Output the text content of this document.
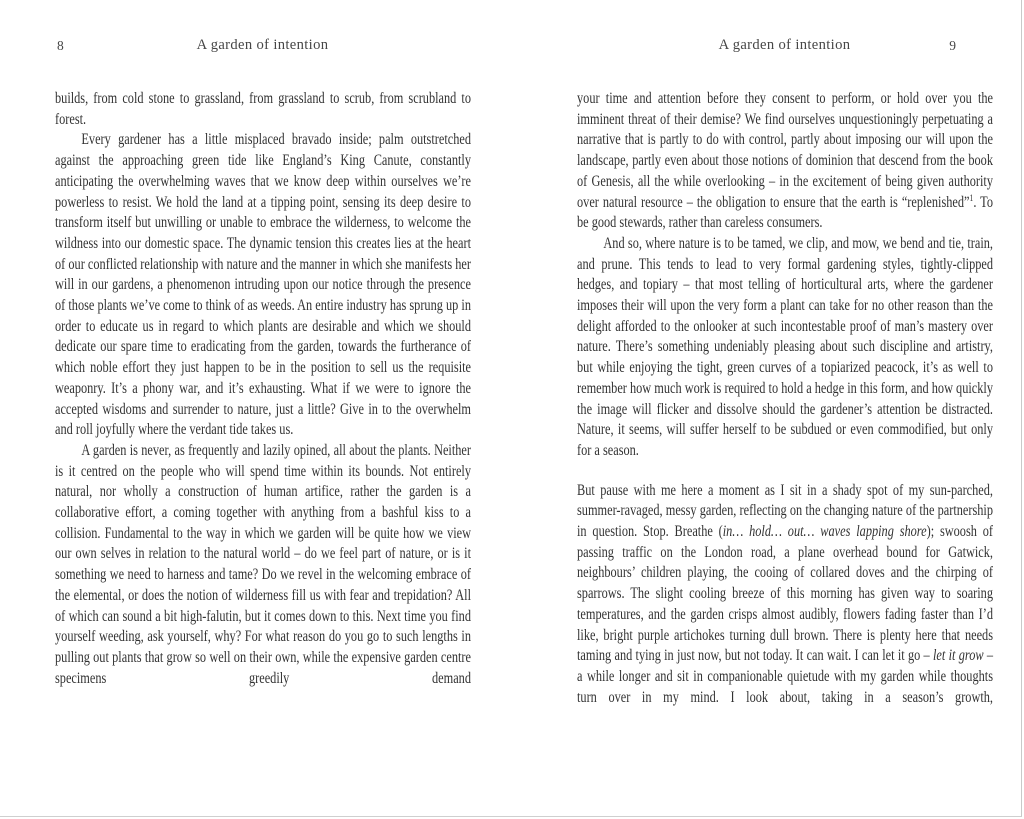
8	A garden of intention

builds, from cold stone to grassland, from grassland to scrub, from scrubland to forest.

Every gardener has a little misplaced bravado inside; palm outstretched against the approaching green tide like England’s King Canute, constantly anticipating the overwhelming waves that we know deep within ourselves we’re powerless to resist. We hold the land at a tipping point, sensing its deep desire to transform itself but unwilling or unable to embrace the wilderness, to welcome the wildness into our domestic space. The dynamic tension this creates lies at the heart of our conflicted relationship with nature and the manner in which she manifests her will in our gardens, a phenomenon intruding upon our notice through the presence of those plants we’ve come to think of as weeds. An entire industry has sprung up in order to educate us in regard to which plants are desirable and which we should dedicate our spare time to eradicating from the garden, towards the furtherance of which noble effort they just happen to be in the position to sell us the requisite weaponry. It’s a phony war, and it’s exhausting. What if we were to ignore the accepted wisdoms and surrender to nature, just a little? Give in to the overwhelm and roll joyfully where the verdant tide takes us.

A garden is never, as frequently and lazily opined, all about the plants. Neither is it centred on the people who will spend time within its bounds. Not entirely natural, nor wholly a construction of human artifice, rather the garden is a collaborative effort, a coming together with anything from a bashful kiss to a collision. Fundamental to the way in which we garden will be quite how we view our own selves in relation to the natural world – do we feel part of nature, or is it something we need to harness and tame? Do we revel in the welcoming embrace of the elemental, or does the notion of wilderness fill us with fear and trepidation? All of which can sound a bit high-falutin, but it comes down to this. Next time you find yourself weeding, ask yourself, why? For what reason do you go to such lengths in pulling out plants that grow so well on their own, while the expensive garden centre specimens greedily demand

A garden of intention	9

your time and attention before they consent to perform, or hold over you the imminent threat of their demise? We find ourselves unquestioningly perpetuating a narrative that is partly to do with control, partly about imposing our will upon the landscape, partly even about those notions of dominion that descend from the book of Genesis, all the while overlooking – in the excitement of being given authority over natural resource – the obligation to ensure that the earth is “replenished”$^1$. To be good stewards, rather than careless consumers.

And so, where nature is to be tamed, we clip, and mow, we bend and tie, train, and prune. This tends to lead to very formal gardening styles, tightly-clipped hedges, and topiary – that most telling of horticultural arts, where the gardener imposes their will upon the very form a plant can take for no other reason than the delight afforded to the onlooker at such incontestable proof of man’s mastery over nature. There’s something undeniably pleasing about such discipline and artistry, but while enjoying the tight, green curves of a topiarized peacock, it’s as well to remember how much work is required to hold a hedge in this form, and how quickly the image will flicker and dissolve should the gardener’s attention be distracted. Nature, it seems, will suffer herself to be subdued or even commodified, but only for a season.

But pause with me here a moment as I sit in a shady spot of my sun-parched, summer-ravaged, messy garden, reflecting on the changing nature of the partnership in question. Stop. Breathe (in… hold… out… waves lapping shore); swoosh of passing traffic on the London road, a plane overhead bound for Gatwick, neighbours’ children playing, the cooing of collared doves and the chirping of sparrows. The slight cooling breeze of this morning has given way to soaring temperatures, and the garden crisps almost audibly, flowers fading faster than I’d like, bright purple artichokes turning dull brown. There is plenty here that needs taming and tying in just now, but not today. It can wait. I can let it go – let it grow – a while longer and sit in companionable quietude with my garden while thoughts turn over in my mind. I look about, taking in a season’s growth,
